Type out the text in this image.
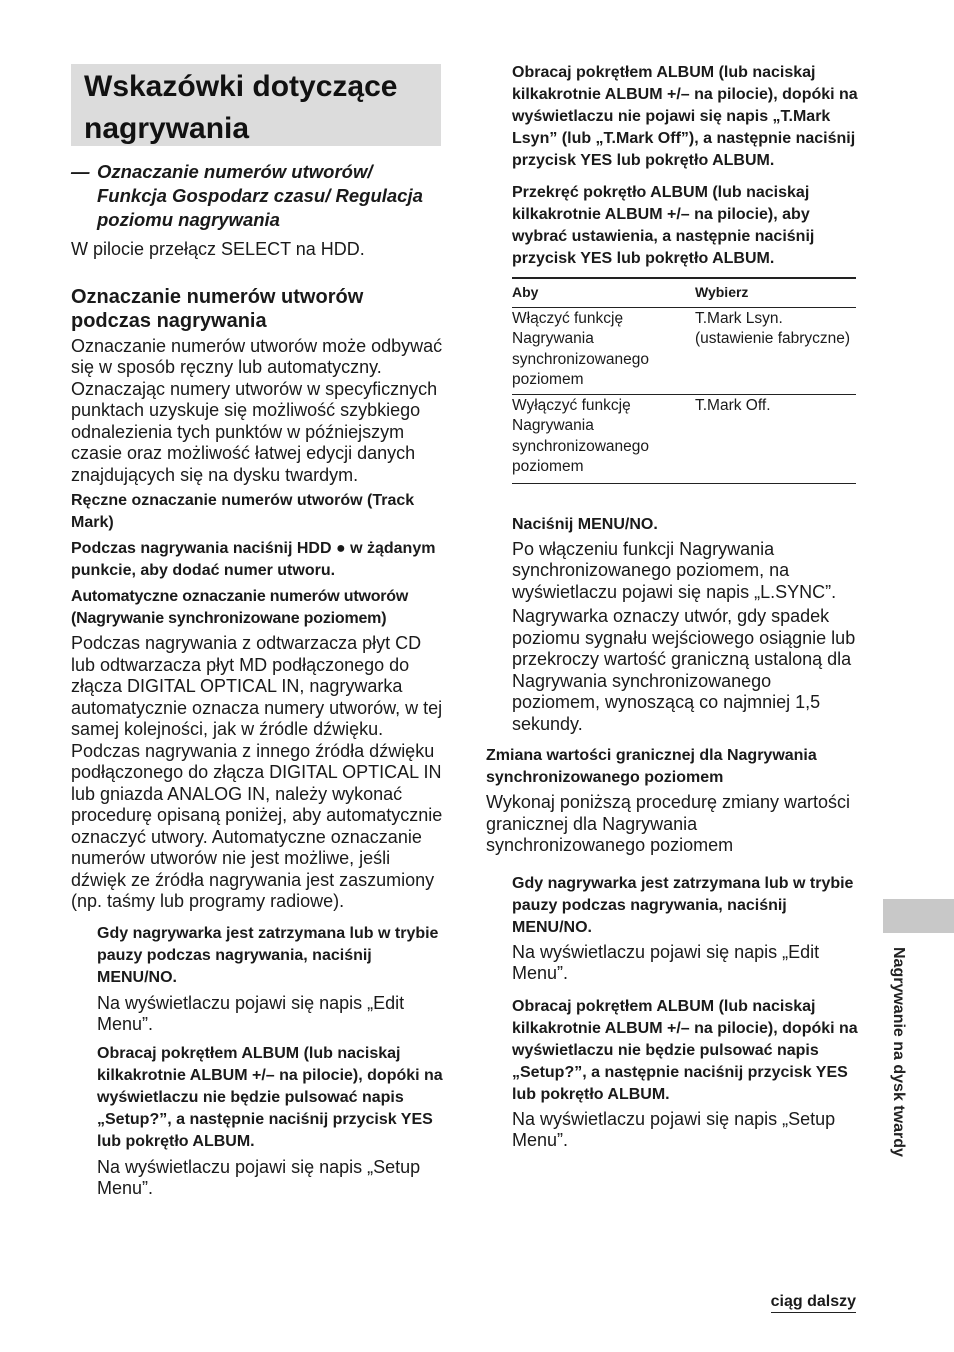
Wskazówki dotyczące nagrywania
— Oznaczanie numerów utworów/ Funkcja Gospodarz czasu/ Regulacja poziomu nagrywania

W pilocie przełącz SELECT na HDD.

Oznaczanie numerów utworów podczas nagrywania

Oznaczanie numerów utworów może odbywać się w sposób ręczny lub automatyczny. Oznaczając numery utworów w specyficznych punktach uzyskuje się możliwość szybkiego odnalezienia tych punktów w późniejszym czasie oraz możliwość łatwej edycji danych znajdujących się na dysku twardym.

Ręczne oznaczanie numerów utworów (Track Mark)

Podczas nagrywania naciśnij HDD ● w żądanym punkcie, aby dodać numer utworu.

Automatyczne oznaczanie numerów utworów (Nagrywanie synchronizowane poziomem)

Podczas nagrywania z odtwarzacza płyt CD lub odtwarzacza płyt MD podłączonego do złącza DIGITAL OPTICAL IN, nagrywarka automatycznie oznacza numery utworów, w tej samej kolejności, jak w źródle dźwięku. Podczas nagrywania z innego źródła dźwięku podłączonego do złącza DIGITAL OPTICAL IN lub gniazda ANALOG IN, należy wykonać procedurę opisaną poniżej, aby automatycznie oznaczyć utwory. Automatyczne oznaczanie numerów utworów nie jest możliwe, jeśli dźwięk ze źródła nagrywania jest zaszumiony (np. taśmy lub programy radiowe).

Gdy nagrywarka jest zatrzymana lub w trybie pauzy podczas nagrywania, naciśnij MENU/NO.

Na wyświetlaczu pojawi się napis „Edit Menu”.

Obracaj pokrętłem ALBUM (lub naciskaj kilkakrotnie ALBUM +/– na pilocie), dopóki na wyświetlaczu nie będzie pulsować napis „Setup?”, a następnie naciśnij przycisk YES lub pokrętło ALBUM.

Na wyświetlaczu pojawi się napis „Setup Menu”.

Obracaj pokrętłem ALBUM (lub naciskaj kilkakrotnie ALBUM +/– na pilocie), dopóki na wyświetlaczu nie pojawi się napis „T.Mark Lsyn” (lub „T.Mark Off”), a następnie naciśnij przycisk YES lub pokrętło ALBUM.

Przekręć pokrętło ALBUM (lub naciskaj kilkakrotnie ALBUM +/– na pilocie), aby wybrać ustawienia, a następnie naciśnij przycisk YES lub pokrętło ALBUM.

Aby	Wybierz
Włączyć funkcję Nagrywania synchronizowanego poziomem	T.Mark Lsyn. (ustawienie fabryczne)
Wyłączyć funkcję Nagrywania synchronizowanego poziomem	T.Mark Off.

Naciśnij MENU/NO.

Po włączeniu funkcji Nagrywania synchronizowanego poziomem, na wyświetlaczu pojawi się napis „L.SYNC”.

Nagrywarka oznaczy utwór, gdy spadek poziomu sygnału wejściowego osiągnie lub przekroczy wartość graniczną ustaloną dla Nagrywania synchronizowanego poziomem, wynoszącą co najmniej 1,5 sekundy.

Zmiana wartości granicznej dla Nagrywania synchronizowanego poziomem

Wykonaj poniższą procedurę zmiany wartości granicznej dla Nagrywania synchronizowanego poziomem

Gdy nagrywarka jest zatrzymana lub w trybie pauzy podczas nagrywania, naciśnij MENU/NO.

Na wyświetlaczu pojawi się napis „Edit Menu”.

Obracaj pokrętłem ALBUM (lub naciskaj kilkakrotnie ALBUM +/– na pilocie), dopóki na wyświetlaczu nie będzie pulsować napis „Setup?”, a następnie naciśnij przycisk YES lub pokrętło ALBUM.

Na wyświetlaczu pojawi się napis „Setup Menu”.	Nagrywanie na dysk twardy
ciąg dalszy
